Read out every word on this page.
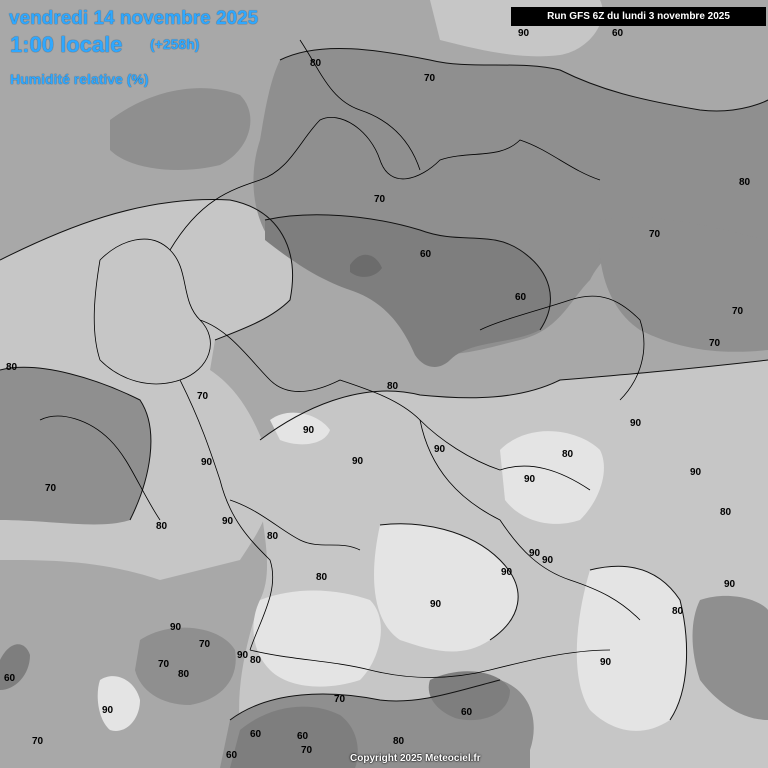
80
70
90	60
80
70
70
60
60
70
70
80
80
70
90
90
90	80
90
90
90
90
70
80
90
80
80
90
90
90
80
90
90
80
90
70
90 80	90
70
80
60
70
90	60
60	60
70	80
70
60
vendredi 14 novembre 2025
1:00 locale (+258h)
Humidité relative (%)
Run GFS 6Z du lundi 3 novembre 2025
Copyright 2025 Meteociel.fr
